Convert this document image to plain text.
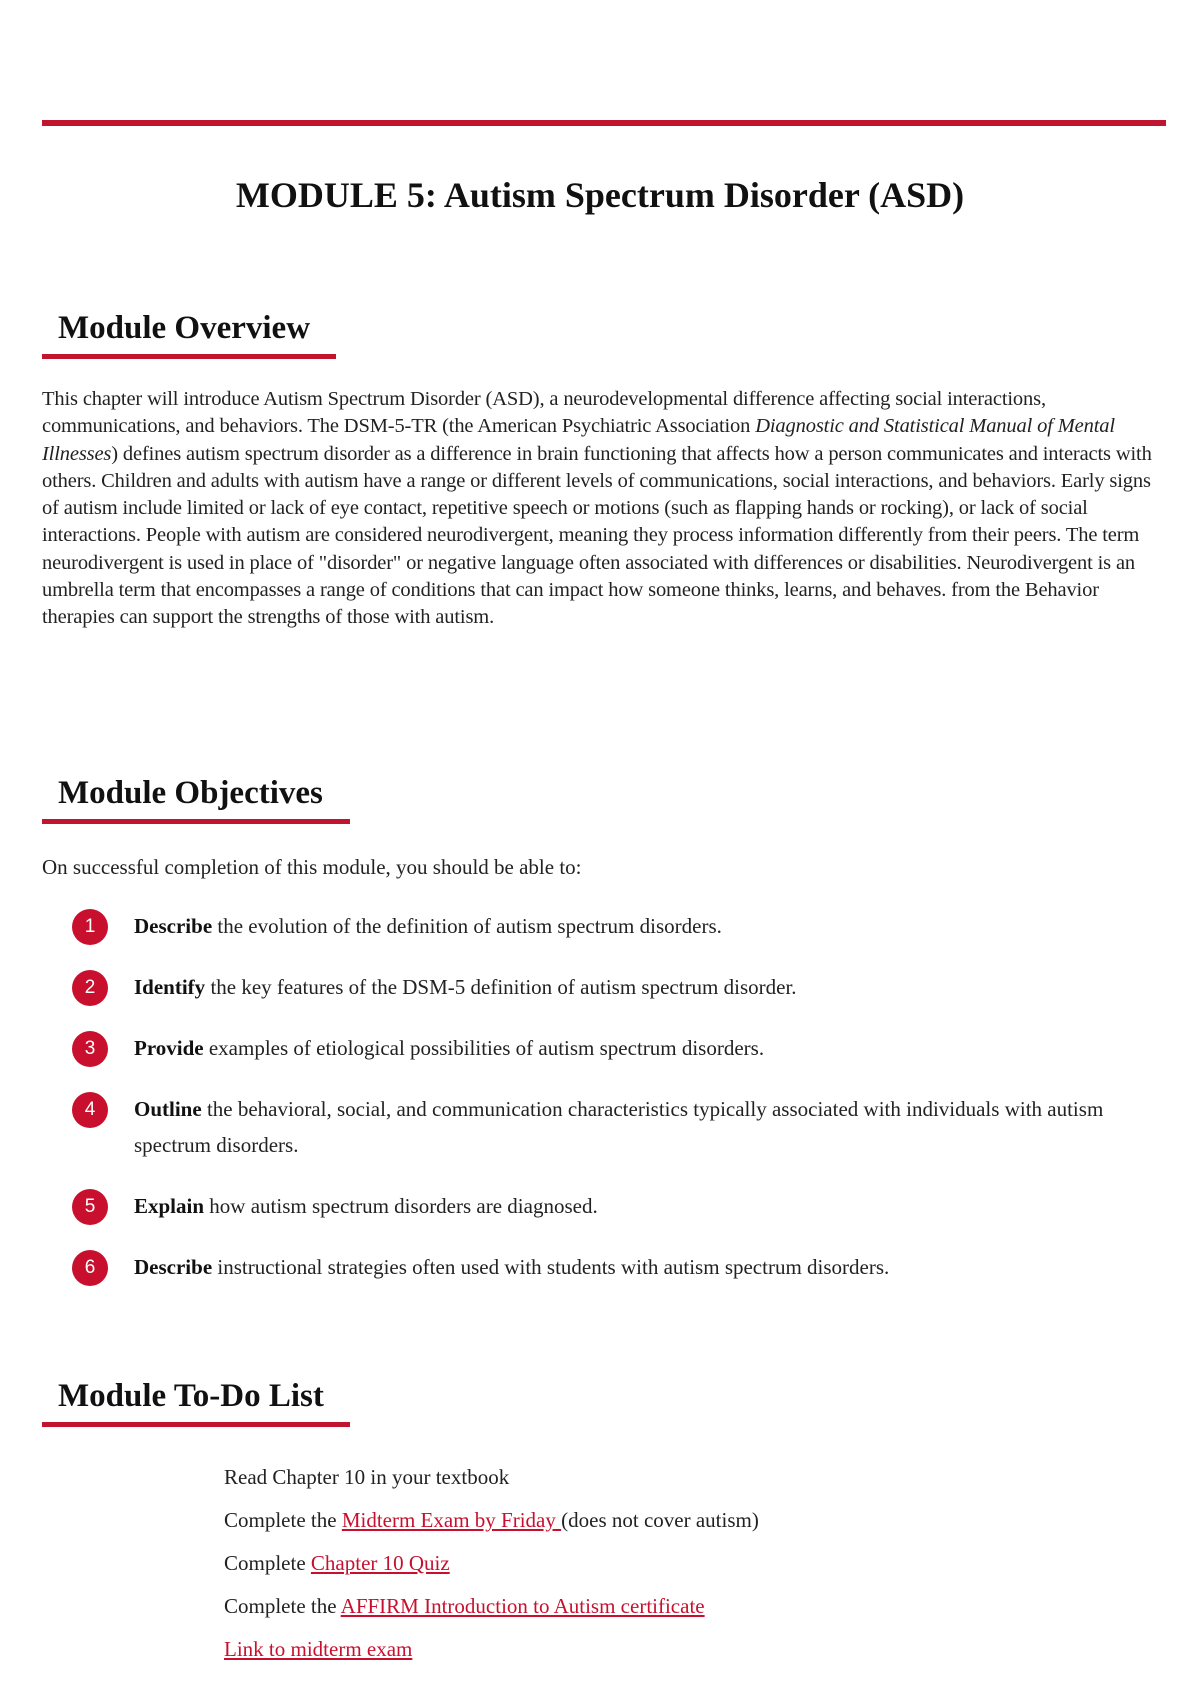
MODULE 5: Autism Spectrum Disorder (ASD)
Module Overview

This chapter will introduce Autism Spectrum Disorder (ASD), a neurodevelopmental difference affecting social interactions, communications, and behaviors. The DSM-5-TR (the American Psychiatric Association Diagnostic and Statistical Manual of Mental Illnesses) defines autism spectrum disorder as a difference in brain functioning that affects how a person communicates and interacts with others. Children and adults with autism have a range or different levels of communications, social interactions, and behaviors. Early signs of autism include limited or lack of eye contact, repetitive speech or motions (such as flapping hands or rocking), or lack of social interactions. People with autism are considered neurodivergent, meaning they process information differently from their peers. The term neurodivergent is used in place of "disorder" or negative language often associated with differences or disabilities. Neurodivergent is an umbrella term that encompasses a range of conditions that can impact how someone thinks, learns, and behaves. from the Behavior therapies can support the strengths of those with autism.

Module Objectives

On successful completion of this module, you should be able to:

1	Describe the evolution of the definition of autism spectrum disorders.
2	Identify the key features of the DSM-5 definition of autism spectrum disorder.
3	Provide examples of etiological possibilities of autism spectrum disorders.
4	Outline the behavioral, social, and communication characteristics typically associated with individuals with autism spectrum disorders.
5	Explain how autism spectrum disorders are diagnosed.
6	Describe instructional strategies often used with students with autism spectrum disorders.
Module To-Do List
Read Chapter 10 in your textbook
Complete the Midterm Exam by Friday (does not cover autism)
Complete Chapter 10 Quiz
Complete the AFFIRM Introduction to Autism certificate
Link to midterm exam
